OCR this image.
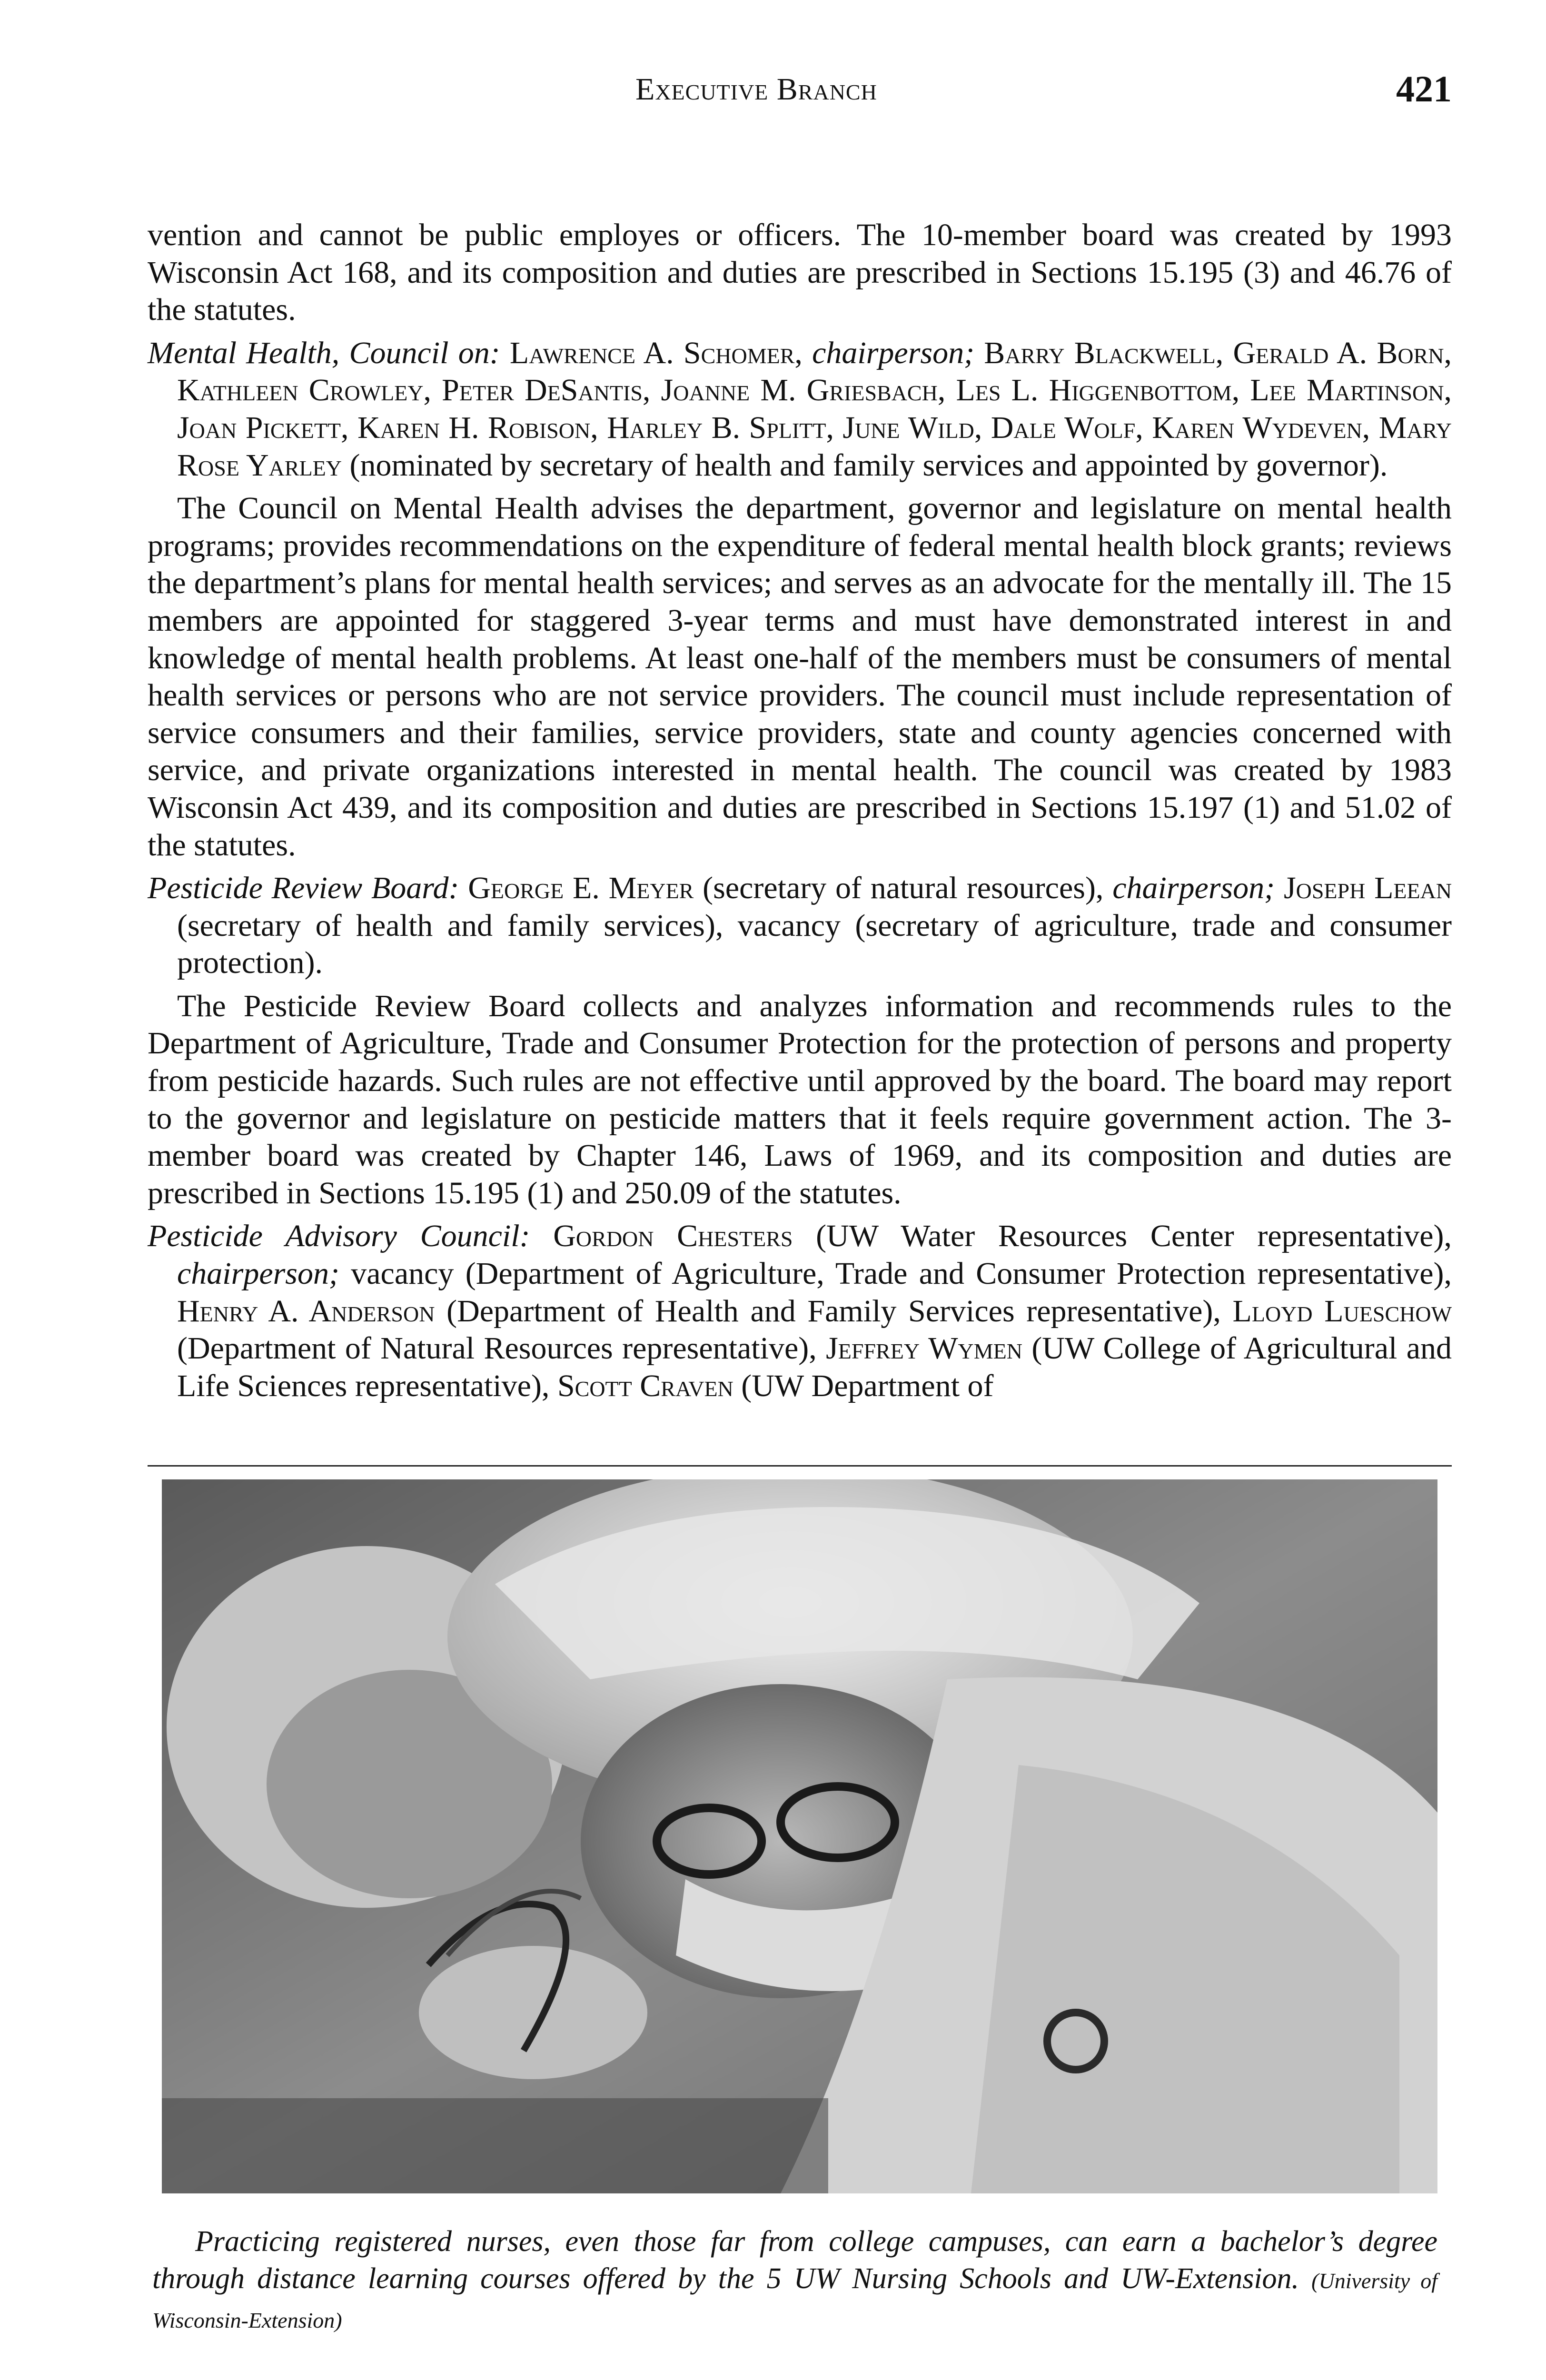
Executive Branch	421

vention and cannot be public employes or officers. The 10-member board was created by 1993 Wisconsin Act 168, and its composition and duties are prescribed in Sections 15.195 (3) and 46.76 of the statutes.

Mental Health, Council on: Lawrence A. Schomer, chairperson; Barry Blackwell, Gerald A. Born, Kathleen Crowley, Peter DeSantis, Joanne M. Griesbach, Les L. Higgenbottom, Lee Martinson, Joan Pickett, Karen H. Robison, Harley B. Splitt, June Wild, Dale Wolf, Karen Wydeven, Mary Rose Yarley (nominated by secretary of health and family services and appointed by governor).

The Council on Mental Health advises the department, governor and legislature on mental health programs; provides recommendations on the expenditure of federal mental health block grants; reviews the department’s plans for mental health services; and serves as an advocate for the mentally ill. The 15 members are appointed for staggered 3-year terms and must have demonstrated interest in and knowledge of mental health problems. At least one-half of the members must be consumers of mental health services or persons who are not service providers. The council must include representation of service consumers and their families, service providers, state and county agencies concerned with service, and private organizations interested in mental health. The council was created by 1983 Wisconsin Act 439, and its composition and duties are prescribed in Sections 15.197 (1) and 51.02 of the statutes.

Pesticide Review Board: George E. Meyer (secretary of natural resources), chairperson; Joseph Leean (secretary of health and family services), vacancy (secretary of agriculture, trade and consumer protection).

The Pesticide Review Board collects and analyzes information and recommends rules to the Department of Agriculture, Trade and Consumer Protection for the protection of persons and property from pesticide hazards. Such rules are not effective until approved by the board. The board may report to the governor and legislature on pesticide matters that it feels require government action. The 3-member board was created by Chapter 146, Laws of 1969, and its composition and duties are prescribed in Sections 15.195 (1) and 250.09 of the statutes.

Pesticide Advisory Council: Gordon Chesters (UW Water Resources Center representative), chairperson; vacancy (Department of Agriculture, Trade and Consumer Protection representative), Henry A. Anderson (Department of Health and Family Services representative), Lloyd Lueschow (Department of Natural Resources representative), Jeffrey Wymen (UW College of Agricultural and Life Sciences representative), Scott Craven (UW Department of

Practicing registered nurses, even those far from college campuses, can earn a bachelor’s degree through distance learning courses offered by the 5 UW Nursing Schools and UW-Extension. (University of Wisconsin-Extension)
